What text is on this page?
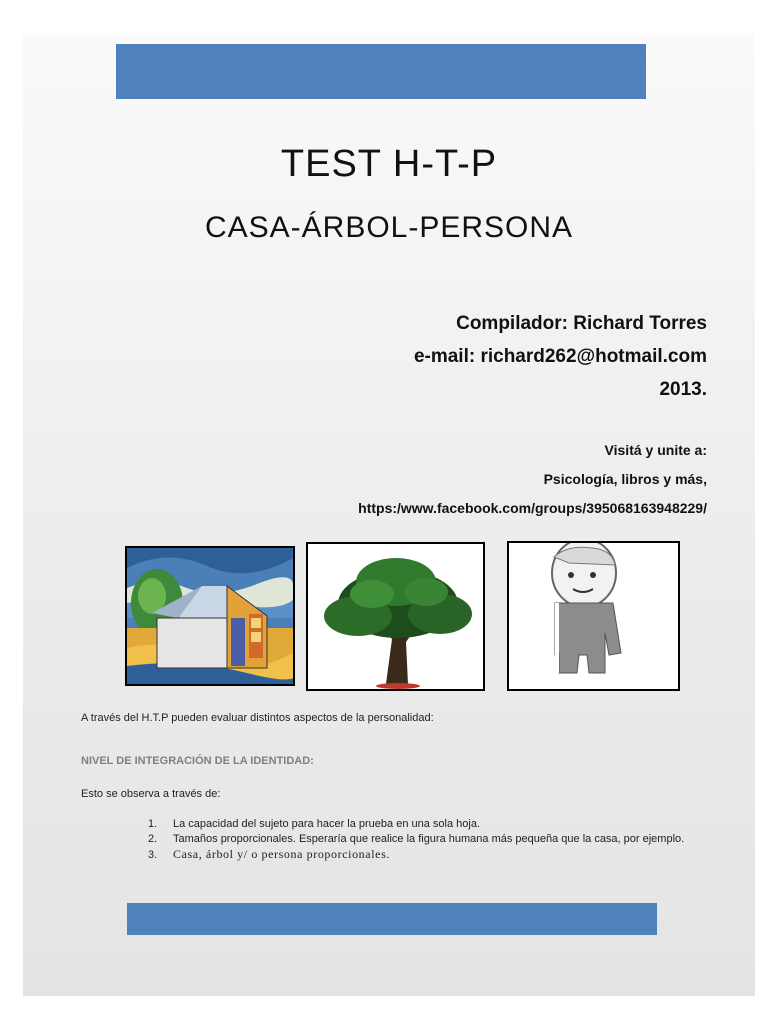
TEST H-T-P
CASA-ÁRBOL-PERSONA
Compilador: Richard Torres
e-mail: richard262@hotmail.com
2013.
Visitá y unite a:
Psicología, libros y más,
https:/www.facebook.com/groups/395068163948229/
A través del H.T.P pueden evaluar distintos aspectos de la personalidad:
NIVEL DE INTEGRACIÓN DE LA IDENTIDAD:
Esto se observa a través de:
1. La capacidad del sujeto para hacer la prueba en una sola hoja.
2. Tamaños proporcionales. Esperaría que realice la figura humana más pequeña que la casa, por ejemplo.
3. Casa, árbol y/ o persona proporcionales.
